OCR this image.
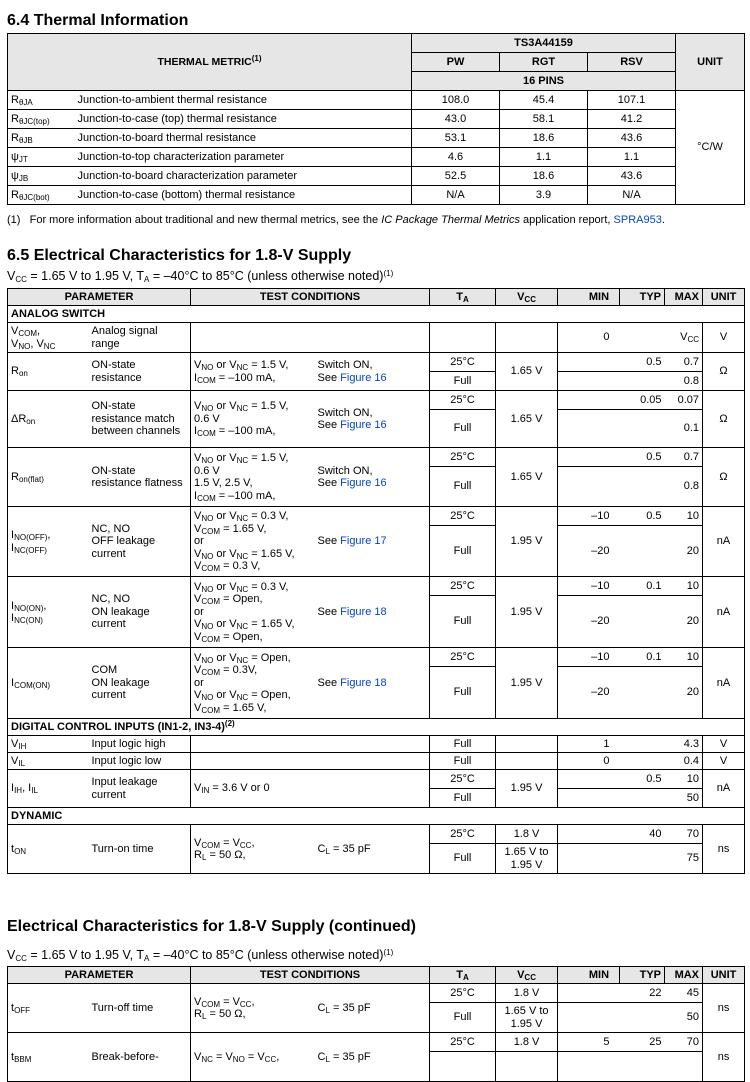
6.4 Thermal Information
THERMAL METRIC$^{(1)}$		TS3A44159			UNIT
		PW	RGT	RSV	
		16 PINS			
$R_{\theta JA}$	Junction-to-ambient thermal resistance	108.0	45.4	107.1	°C/W
$R_{\theta JC(top)}$	Junction-to-case (top) thermal resistance	43.0	58.1	41.2	
$R_{\theta JB}$	Junction-to-board thermal resistance	53.1	18.6	43.6	
$\psi_{JT}$	Junction-to-top characterization parameter	4.6	1.1	1.1	
$\psi_{JB}$	Junction-to-board characterization parameter	52.5	18.6	43.6	
$R_{\theta JC(bot)}$	Junction-to-case (bottom) thermal resistance	N/A	3.9	N/A	
(1) For more information about traditional and new thermal metrics, see the IC Package Thermal Metrics application report, SPRA953.
6.5 Electrical Characteristics for 1.8-V Supply
$V_{CC} = 1.65$ V to 1.95 V, $T_A = -40^\circ C$ to 85°C (unless otherwise noted)$^{(1)}$
PARAMETER		TEST CONDITIONS		$T_A$	$V_{CC}$	MIN	TYP	MAX	UNIT
ANALOG SWITCH									
$V_{COM}$,
$V_{NO}$, $V_{NC}$	Analog signal range					0		$V_{CC}$	V
$R_{on}$	ON-state resistance	$V_{NO}$ or $V_{NC} = 1.5$ V,
$I_{COM} = -100$ mA,	Switch ON,
See Figure 16	25°C	1.65 V		0.5	0.7	Ω
				Full				0.8	
$\Delta R_{on}$	ON-state resistance match between channels	$V_{NO}$ or $V_{NC} = 1.5$ V,
0.6 V
$I_{COM} = -100$ mA,	Switch ON,
See Figure 16	25°C	1.65 V		0.05	0.07	Ω
				Full				0.1	
$R_{on(flat)}$	ON-state resistance flatness	$V_{NO}$ or $V_{NC} = 1.5$ V,
0.6 V
1.5 V, 2.5 V,
$I_{COM} = -100$ mA,	Switch ON,
See Figure 16	25°C	1.65 V		0.5	0.7	Ω
				Full				0.8	
$I_{NO(OFF)}$,
$I_{NC(OFF)}$	NC, NO
OFF leakage
current	$V_{NO}$ or $V_{NC} = 0.3$ V,
$V_{COM} = 1.65$ V,
or
$V_{NO}$ or $V_{NC} = 1.65$ V,
$V_{COM} = 0.3$ V,	See Figure 17	25°C	1.95 V	–10	0.5	10	nA
				Full		–20		20	
$I_{NO(ON)}$,
$I_{NC(ON)}$	NC, NO
ON leakage
current	$V_{NO}$ or $V_{NC} = 0.3$ V,
$V_{COM}$ = Open,
or
$V_{NO}$ or $V_{NC} = 1.65$ V,
$V_{COM}$ = Open,	See Figure 18	25°C	1.95 V	–10	0.1	10	nA
				Full		–20		20	
$I_{COM(ON)}$	COM
ON leakage
current	$V_{NO}$ or $V_{NC}$ = Open,
$V_{COM} = 0.3V$,
or
$V_{NO}$ or $V_{NC}$ = Open,
$V_{COM} = 1.65$ V,	See Figure 18	25°C	1.95 V	–10	0.1	10	nA
				Full		–20		20	
DIGITAL CONTROL INPUTS (IN1-2, IN3-4)$^{(2)}$
$V_{IH}$	Input logic high			Full		1		4.3	V
$V_{IL}$	Input logic low			Full		0		0.4	V
$I_{IH}$, $I_{IL}$	Input leakage current	$V_{IN} = 3.6$ V or 0		25°C	1.95 V		0.5	10	nA
				Full				50	
DYNAMIC									
$t_{ON}$	Turn-on time	$V_{COM} = V_{CC}$,
$R_L = 50$ Ω,	$C_L = 35$ pF	25°C	1.8 V		40	70	ns
				Full	1.65 V to
1.95 V			75	
Electrical Characteristics for 1.8-V Supply (continued)
$V_{CC} = 1.65$ V to 1.95 V, $T_A = -40^\circ C$ to 85°C (unless otherwise noted)$^{(1)}$
PARAMETER		TEST CONDITIONS		$T_A$	$V_{CC}$	MIN	TYP	MAX	UNIT
$t_{OFF}$	Turn-off time	$V_{COM} = V_{CC}$,
$R_L = 50$ Ω,	$C_L = 35$ pF	25°C	1.8 V		22	45	ns
				Full	1.65 V to
1.95 V			50	
$t_{BBM}$	Break-before-	$V_{NC} = V_{NO} = V_{CC}$,	$C_L = 35$ pF	25°C	1.8 V	5	25	70	ns
